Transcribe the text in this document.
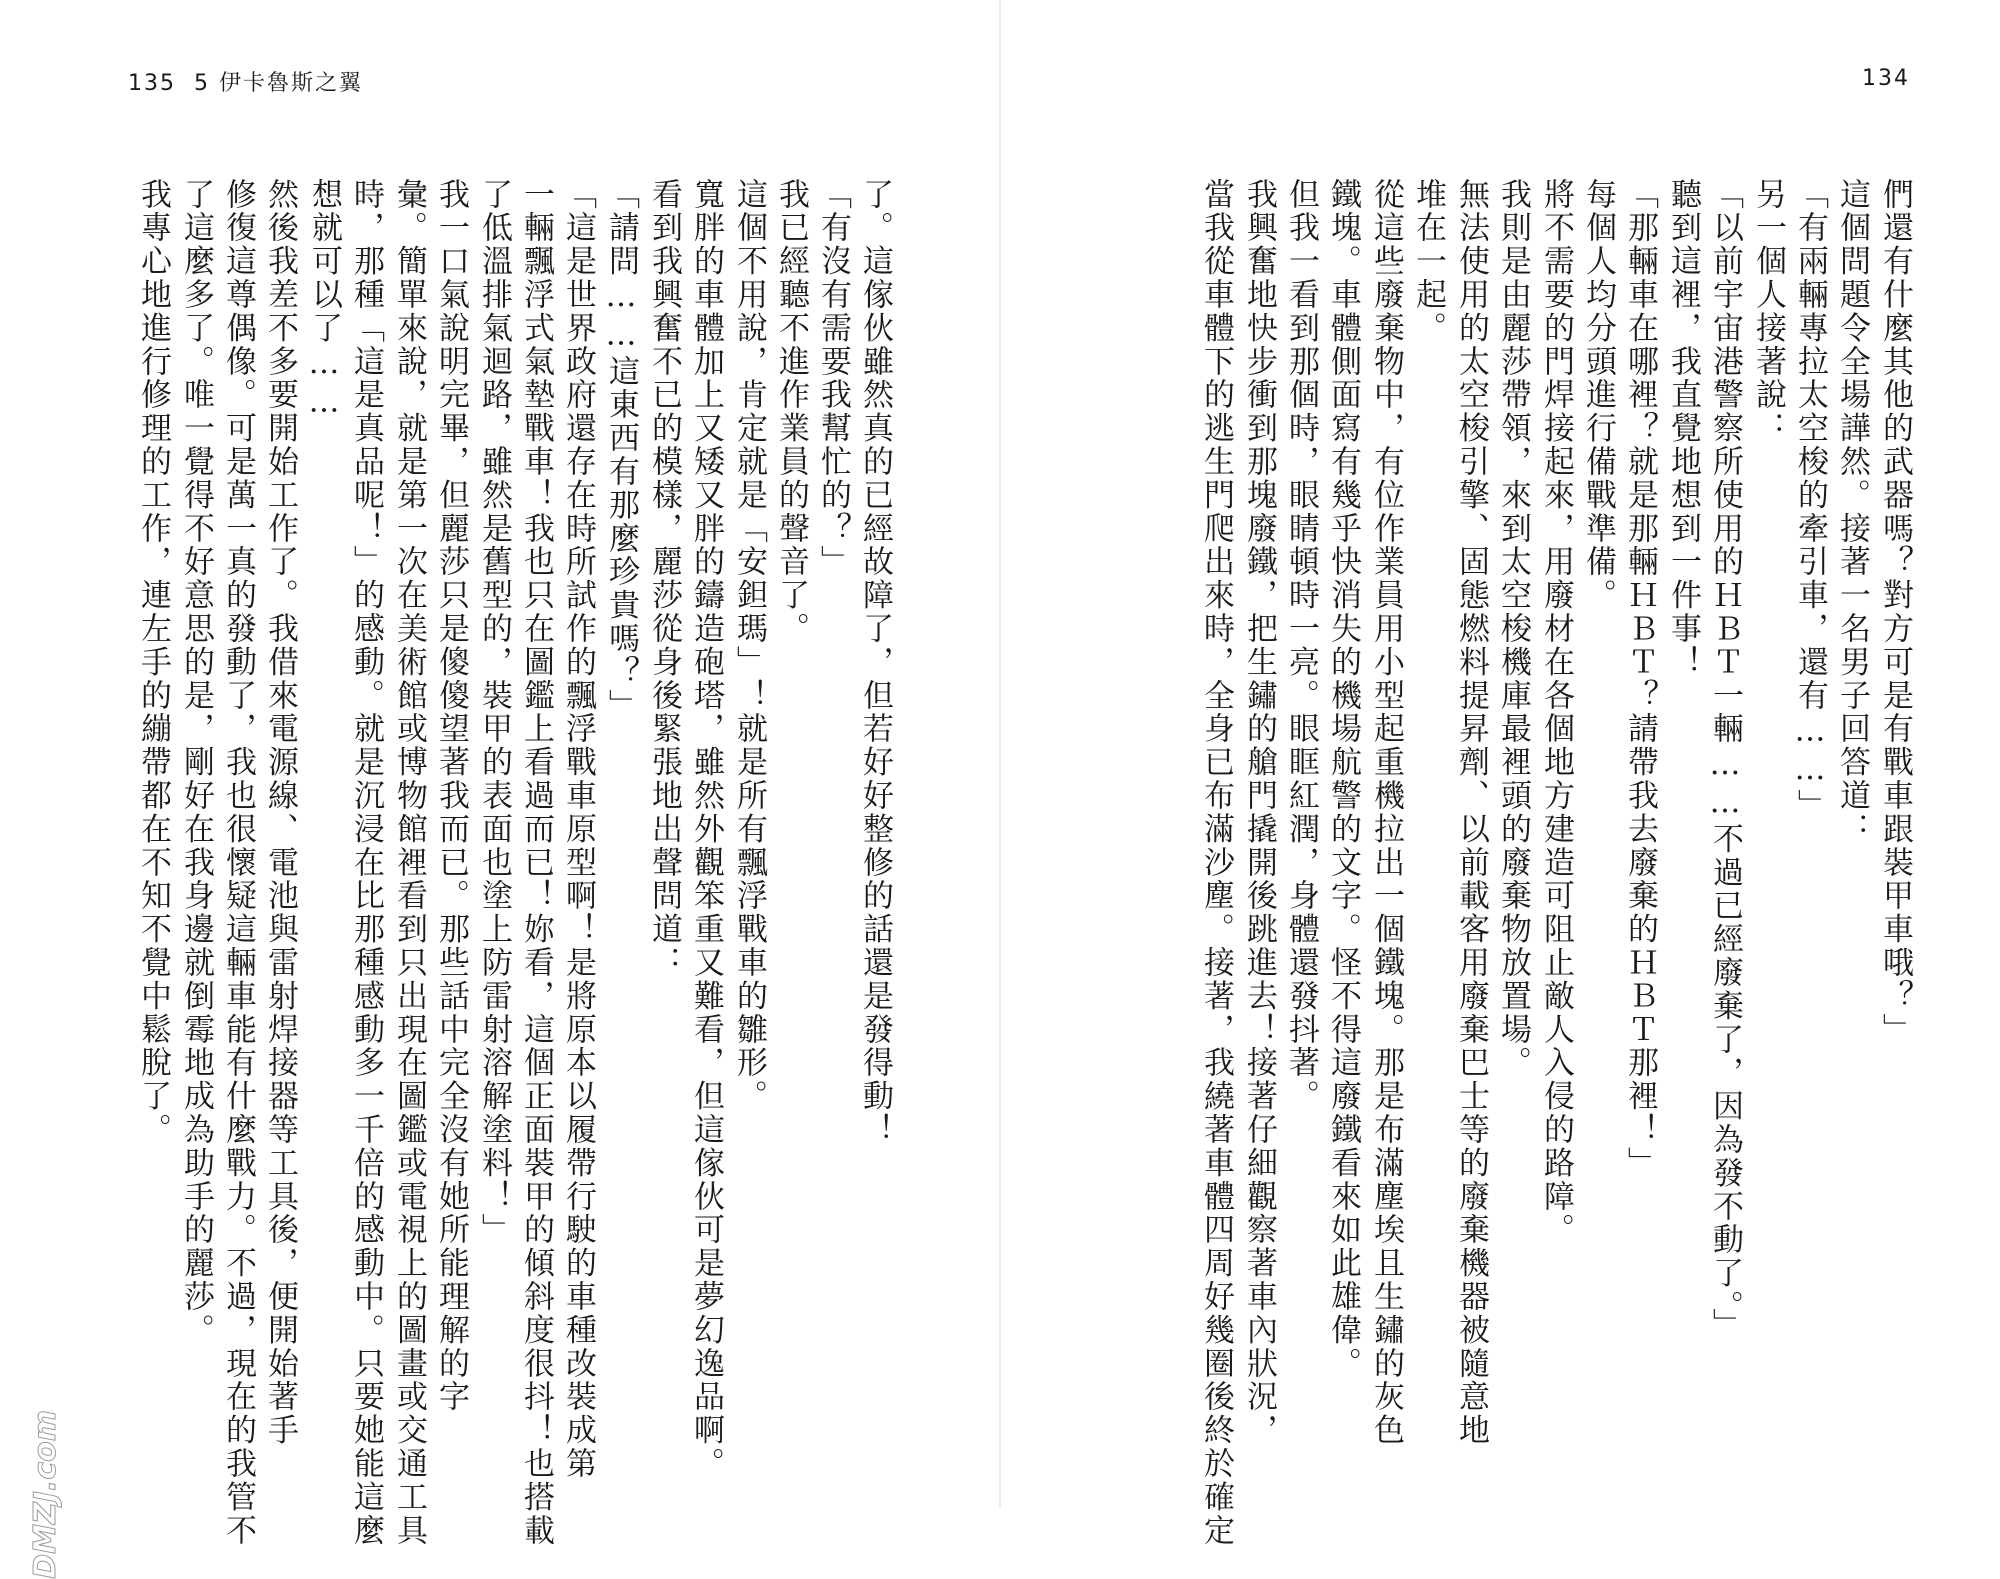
135 5 伊卡魯斯之翼
了。這傢伙雖然真的已經故障了，但若好好整修的話還是發得動！
「有沒有需要我幫忙的？」
我已經聽不進作業員的聲音了。
這個不用說，肯定就是「安鉭瑪」！就是所有飄浮戰車的雛形。
寬胖的車體加上又矮又胖的鑄造砲塔，雖然外觀笨重又難看，但這傢伙可是夢幻逸品啊。
看到我興奮不已的模樣，麗莎從身後緊張地出聲問道：
「請問……這東西有那麼珍貴嗎？」
「這是世界政府還存在時所試作的飄浮戰車原型啊！是將原本以履帶行駛的車種改裝成第
一輛飄浮式氣墊戰車！我也只在圖鑑上看過而已！妳看，這個正面裝甲的傾斜度很抖！也搭載
了低溫排氣迴路，雖然是舊型的，裝甲的表面也塗上防雷射溶解塗料！」
我一口氣說明完畢，但麗莎只是傻傻望著我而已。那些話中完全沒有她所能理解的字
彙。簡單來說，就是第一次在美術館或博物館裡看到只出現在圖鑑或電視上的圖畫或交通工具
時，那種「這是真品呢！」的感動。就是沉浸在比那種感動多一千倍的感動中。只要她能這麼
想就可以了……
然後我差不多要開始工作了。我借來電源線、電池與雷射焊接器等工具後，便開始著手
修復這尊偶像。可是萬一真的發動了，我也很懷疑這輛車能有什麼戰力。不過，現在的我管不
了這麼多了。唯一覺得不好意思的是，剛好在我身邊就倒霉地成為助手的麗莎。
我專心地進行修理的工作，連左手的繃帶都在不知不覺中鬆脫了。	們還有什麼其他的武器嗎？對方可是有戰車跟裝甲車哦？」
這個問題令全場譁然。接著一名男子回答道：
「有兩輛專拉太空梭的牽引車，還有……」
另一個人接著說：
「以前宇宙港警察所使用的ＨＢＴ一輛……不過已經廢棄了，因為發不動了。」
聽到這裡，我直覺地想到一件事！
「那輛車在哪裡？就是那輛ＨＢＴ？請帶我去廢棄的ＨＢＴ那裡！」
每個人均分頭進行備戰準備。
將不需要的門焊接起來，用廢材在各個地方建造可阻止敵人入侵的路障。
我則是由麗莎帶領，來到太空梭機庫最裡頭的廢棄物放置場。
無法使用的太空梭引擎、固態燃料提昇劑、以前載客用廢棄巴士等的廢棄機器被隨意地
堆在一起。
從這些廢棄物中，有位作業員用小型起重機拉出一個鐵塊。那是布滿塵埃且生鏽的灰色
鐵塊。車體側面寫有幾乎快消失的機場航警的文字。怪不得這廢鐵看來如此雄偉。
但我一看到那個時，眼睛頓時一亮。眼眶紅潤，身體還發抖著。
我興奮地快步衝到那塊廢鐵，把生鏽的艙門撬開後跳進去！接著仔細觀察著車內狀況，
當我從車體下的逃生門爬出來時，全身已布滿沙塵。接著，我繞著車體四周好幾圈後終於確定
134
DMZJ.com
